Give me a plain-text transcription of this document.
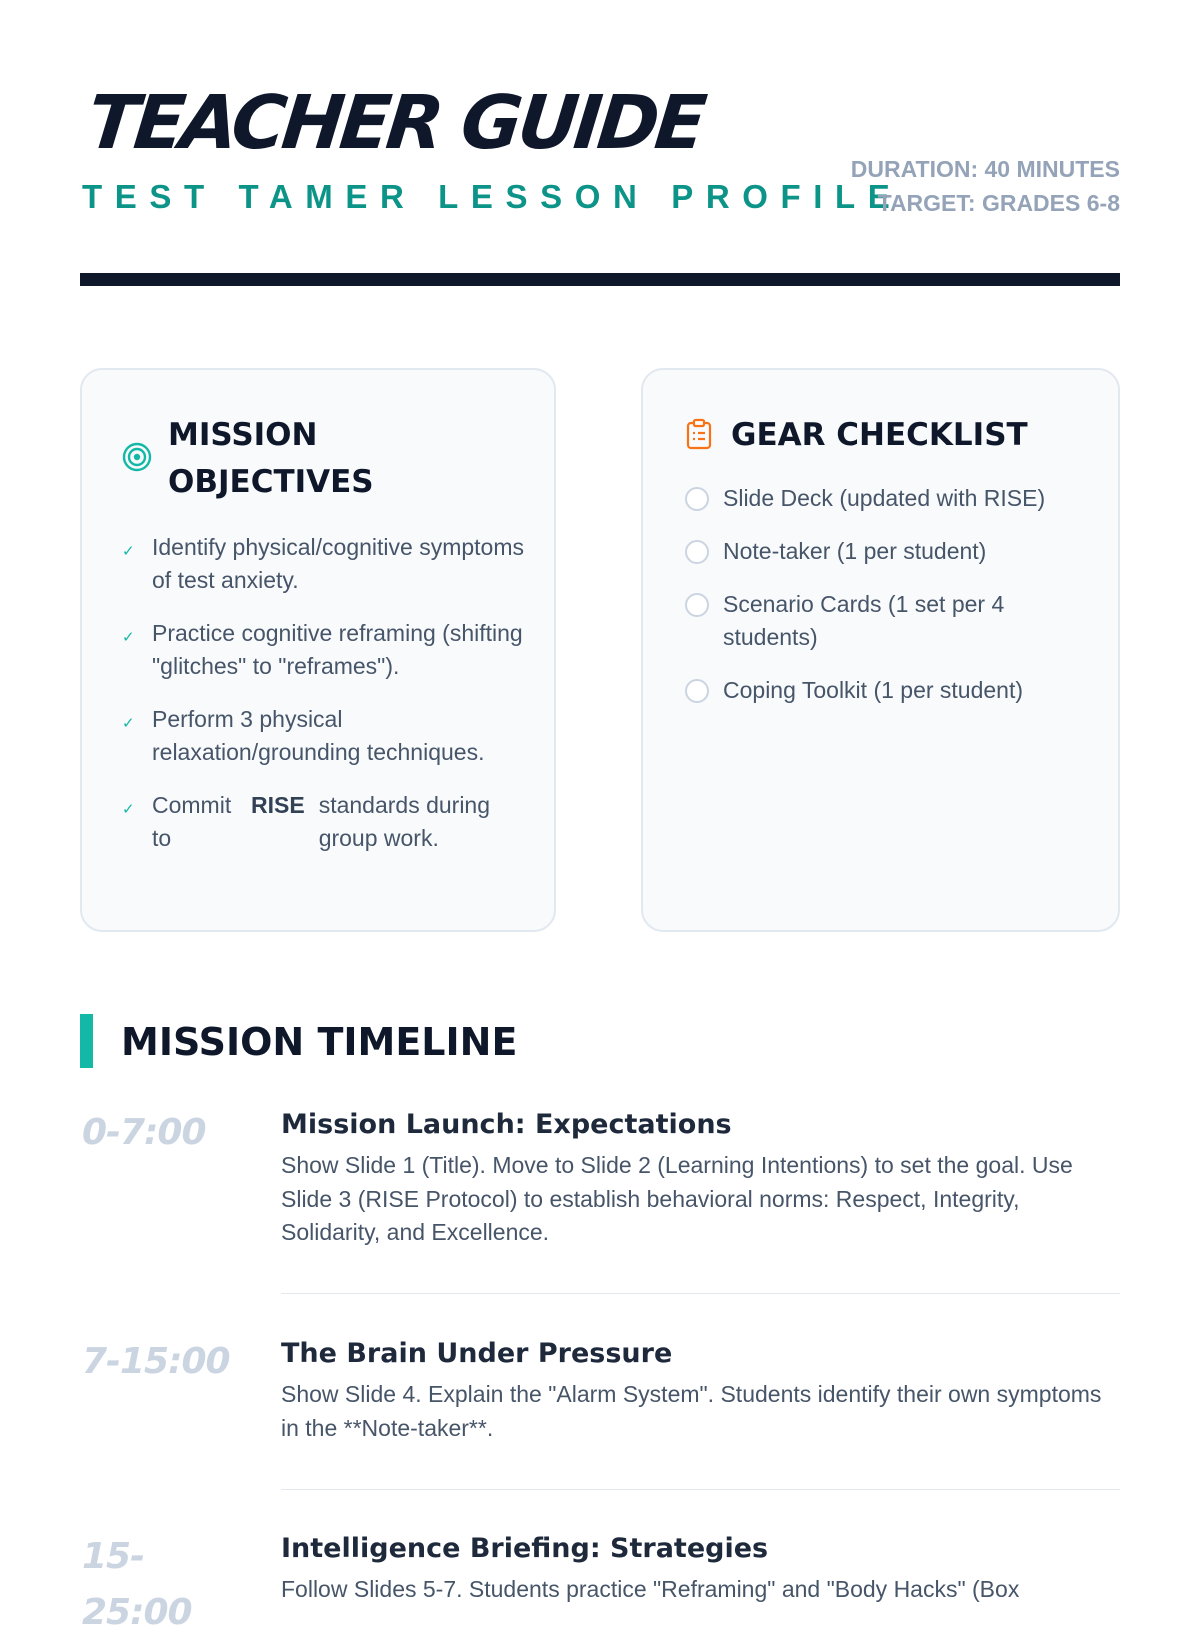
TEACHER GUIDE
TEST TAMER LESSON PROFILE
DURATION: 40 MINUTES
TARGET: GRADES 6-8
MISSION OBJECTIVES
✓ Identify physical/cognitive symptoms of test anxiety.
✓ Practice cognitive reframing (shifting "glitches" to "reframes").
✓ Perform 3 physical relaxation/grounding techniques.
✓ Commit to
RISE standards during group work.
GEAR CHECKLIST
Slide Deck (updated with RISE)
Note-taker (1 per student)
Scenario Cards (1 set per 4 students)
Coping Toolkit (1 per student)
MISSION TIMELINE
0-7:00	Mission Launch: Expectations

Show Slide 1 (Title). Move to Slide 2 (Learning Intentions) to set the goal. Use Slide 3 (RISE Protocol) to establish behavioral norms: Respect, Integrity, Solidarity, and Excellence.

7-15:00	The Brain Under Pressure

Show Slide 4. Explain the "Alarm System". Students identify their own symptoms in the **Note-taker**.

15-25:00
Intelligence Briefing: Strategies

Follow Slides 5-7. Students practice "Reframing" and "Body Hacks" (Box
